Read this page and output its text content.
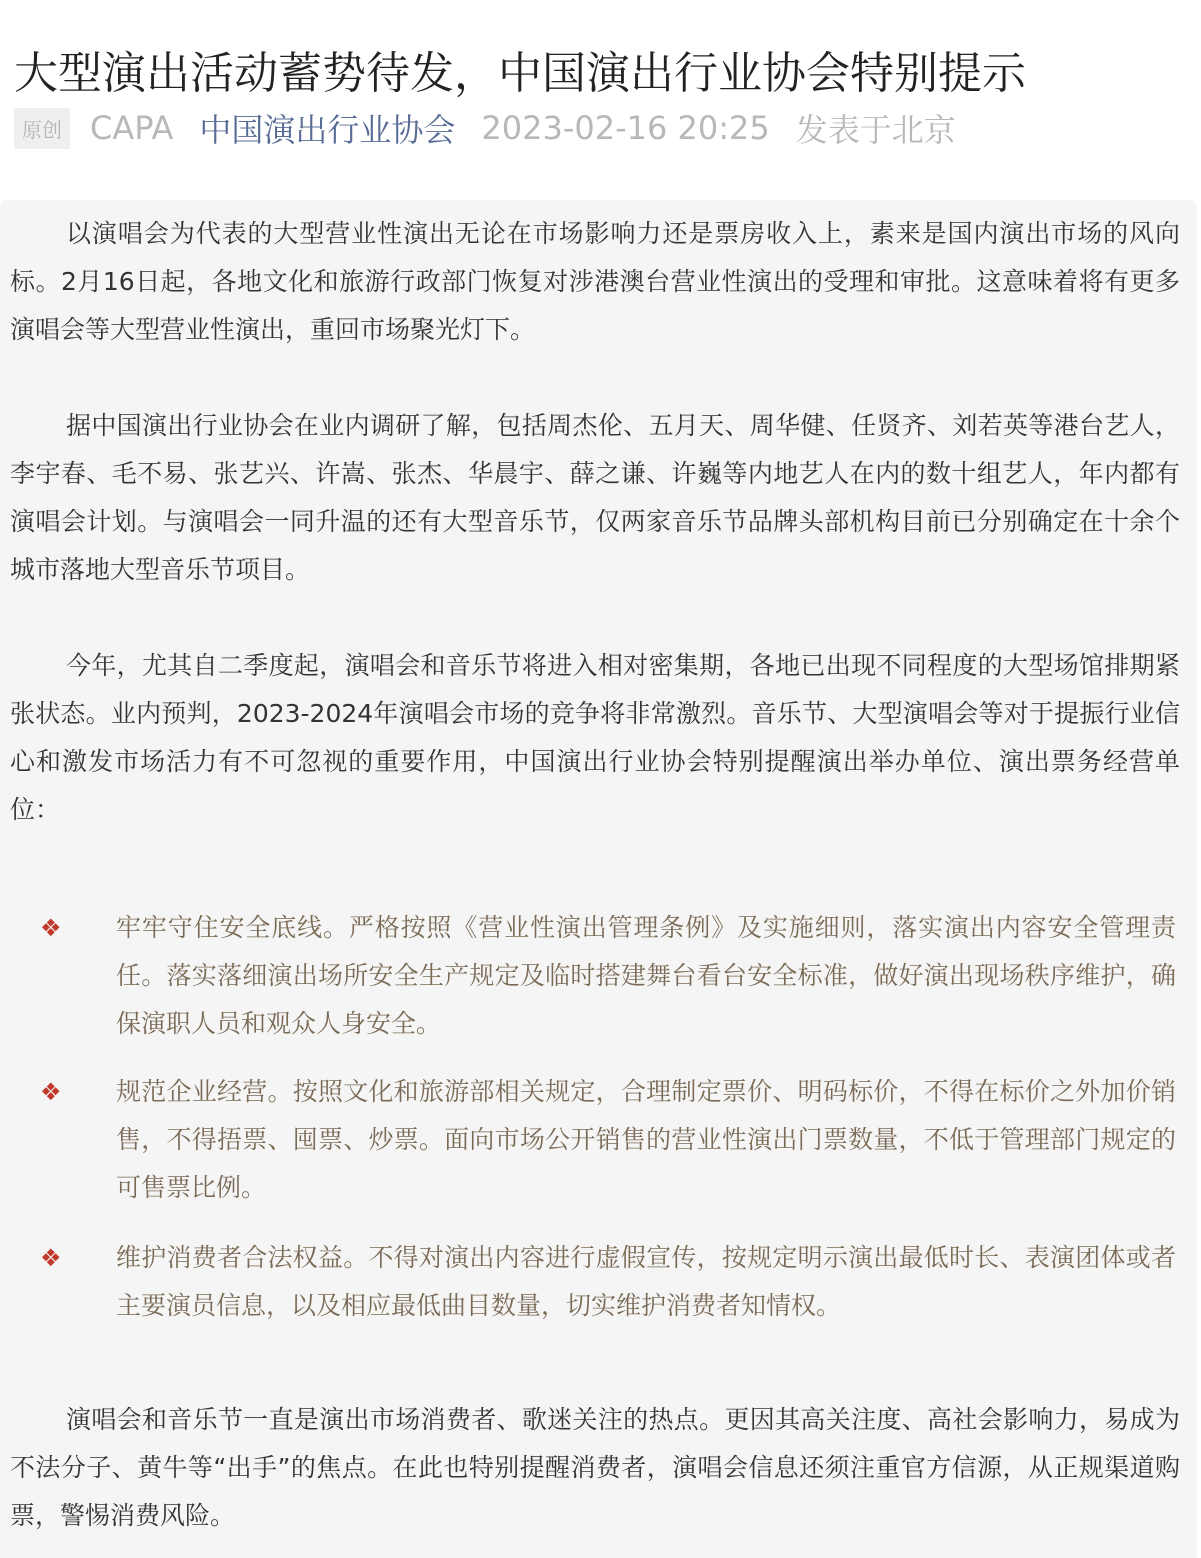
大型演出活动蓄势待发，中国演出行业协会特别提示
原创 CAPA 中国演出行业协会 2023-02-16 20:25 发表于北京

以演唱会为代表的大型营业性演出无论在市场影响力还是票房收入上，素来是国内演出市场的风向标。2月16日起，各地文化和旅游行政部门恢复对涉港澳台营业性演出的受理和审批。这意味着将有更多演唱会等大型营业性演出，重回市场聚光灯下。

据中国演出行业协会在业内调研了解，包括周杰伦、五月天、周华健、任贤齐、刘若英等港台艺人，李宇春、毛不易、张艺兴、许嵩、张杰、华晨宇、薛之谦、许巍等内地艺人在内的数十组艺人，年内都有演唱会计划。与演唱会一同升温的还有大型音乐节，仅两家音乐节品牌头部机构目前已分别确定在十余个城市落地大型音乐节项目。

今年，尤其自二季度起，演唱会和音乐节将进入相对密集期，各地已出现不同程度的大型场馆排期紧张状态。业内预判，2023-2024年演唱会市场的竞争将非常激烈。音乐节、大型演唱会等对于提振行业信心和激发市场活力有不可忽视的重要作用，中国演出行业协会特别提醒演出举办单位、演出票务经营单位：

❖	牢牢守住安全底线。严格按照《营业性演出管理条例》及实施细则，落实演出内容安全管理责任。落实落细演出场所安全生产规定及临时搭建舞台看台安全标准，做好演出现场秩序维护，确保演职人员和观众人身安全。
❖	规范企业经营。按照文化和旅游部相关规定，合理制定票价、明码标价，不得在标价之外加价销售，不得捂票、囤票、炒票。面向市场公开销售的营业性演出门票数量，不低于管理部门规定的可售票比例。
❖	维护消费者合法权益。不得对演出内容进行虚假宣传，按规定明示演出最低时长、表演团体或者主要演员信息，以及相应最低曲目数量，切实维护消费者知情权。

演唱会和音乐节一直是演出市场消费者、歌迷关注的热点。更因其高关注度、高社会影响力，易成为不法分子、黄牛等“出手”的焦点。在此也特别提醒消费者，演唱会信息还须注重官方信源，从正规渠道购票，警惕消费风险。
